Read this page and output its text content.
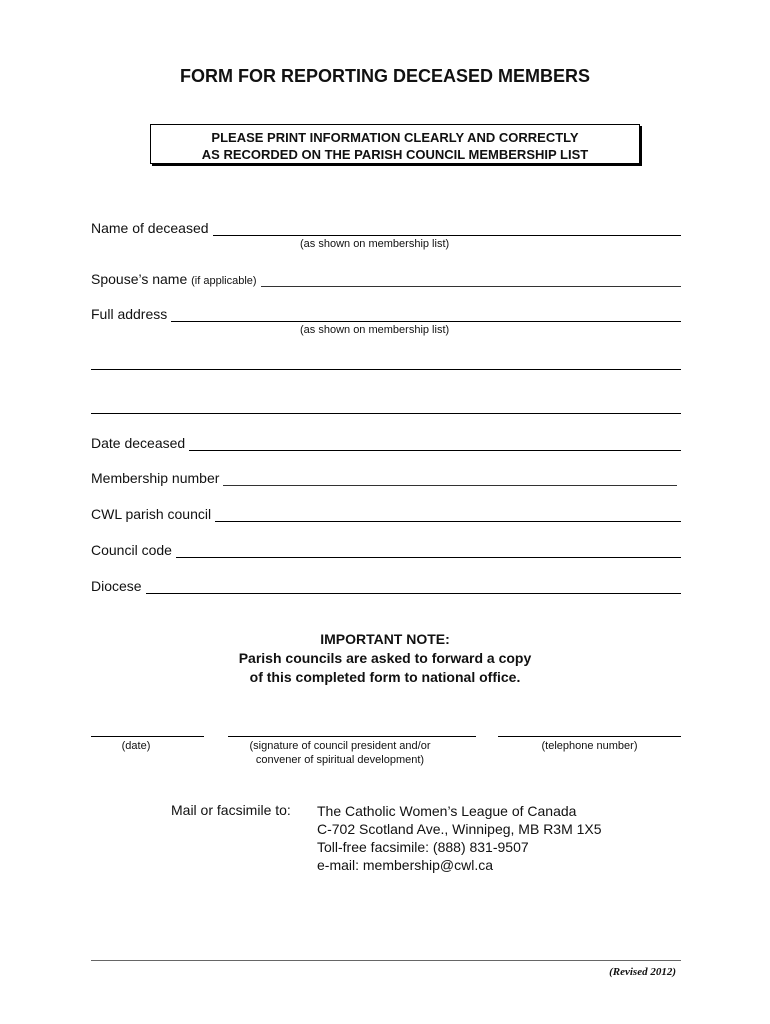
FORM FOR REPORTING DECEASED MEMBERS
PLEASE PRINT INFORMATION CLEARLY AND CORRECTLY
AS RECORDED ON THE PARISH COUNCIL MEMBERSHIP LIST
Name of deceased
(as shown on membership list)
Spouse’s name (if applicable)
Full address
(as shown on membership list)
Date deceased
Membership number
CWL parish council
Council code
Diocese
IMPORTANT NOTE:
Parish councils are asked to forward a copy
of this completed form to national office.
(date)	(signature of council president and/or
convener of spiritual development)
(telephone number)
Mail or facsimile to: The Catholic Women’s League of Canada
C-702 Scotland Ave., Winnipeg, MB R3M 1X5
Toll-free facsimile: (888) 831-9507
e-mail: membership@cwl.ca
(Revised 2012)
